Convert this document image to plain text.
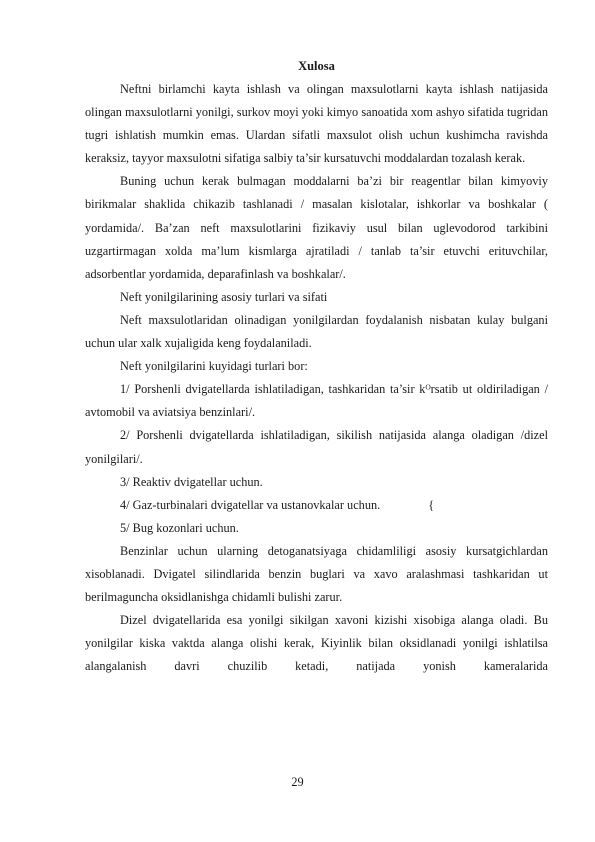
Xulosa

Neftni birlamchi kayta ishlash va olingan maxsulotlarni kayta ishlash natijasida olingan maxsulotlarni yonilgi, surkov moyi yoki kimyo sanoatida xom ashyo sifatida tugridan tugri ishlatish mumkin emas. Ulardan sifatli maxsulot olish uchun kushimcha ravishda keraksiz, tayyor maxsulotni sifatiga salbiy ta’sir kursatuvchi moddalardan tozalash kerak.

Buning uchun kerak bulmagan moddalarni ba’zi bir reagentlar bilan kimyoviy birikmalar shaklida chikazib tashlanadi / masalan kislotalar, ishkorlar va boshkalar ( yordamida/. Ba’zan neft maxsulotlarini fizikaviy usul bilan uglevodorod tarkibini uzgartirmagan xolda ma’lum kismlarga ajratiladi / tanlab ta’sir etuvchi erituvchilar, adsorbentlar yordamida, deparafinlash va boshkalar/.

Neft yonilgilarining asosiy turlari va sifati

Neft maxsulotlaridan olinadigan yonilgilardan foydalanish nisbatan kulay bulgani uchun ular xalk xujaligida keng foydalaniladi.

Neft yonilgilarini kuyidagi turlari bor:

1/ Porshenli dvigatellarda ishlatiladigan, tashkaridan ta’sir kᴼrsatib ut oldiriladigan / avtomobil va aviatsiya benzinlari/.

2/ Porshenli dvigatellarda ishlatiladigan, sikilish natijasida alanga oladigan /dizel yonilgilari/.

3/ Reaktiv dvigatellar uchun.

4/ Gaz-turbinalari dvigatellar va ustanovkalar uchun.	{

5/ Bug kozonlari uchun.

Benzinlar uchun ularning detoganatsiyaga chidamliligi asosiy kursatgichlardan xisoblanadi. Dvigatel silindlarida benzin buglari va xavo aralashmasi tashkaridan ut berilmaguncha oksidlanishga chidamli bulishi zarur.

Dizel dvigatellarida esa yonilgi sikilgan xavoni kizishi xisobiga alanga oladi. Bu yonilgilar kiska vaktda alanga olishi kerak, Kiyinlik bilan oksidlanadi yonilgi ishlatilsa alangalanish davri chuzilib ketadi, natijada yonish kameralarida

29
